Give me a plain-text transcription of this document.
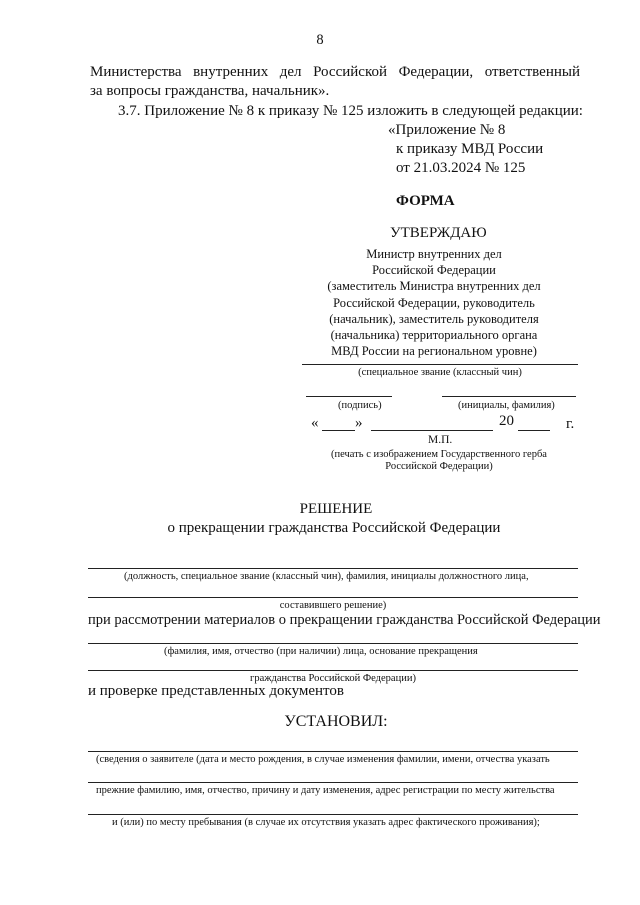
8
Министерства внутренних дел Российской Федерации, ответственный
за вопросы гражданства, начальник».
3.7. Приложение № 8 к приказу № 125 изложить в следующей редакции:
«Приложение № 8
к приказу МВД России
от 21.03.2024 № 125
ФОРМА
УТВЕРЖДАЮ
Министр внутренних дел
Российской Федерации
(заместитель Министра внутренних дел
Российской Федерации, руководитель
(начальник), заместитель руководителя
(начальника) территориального органа
МВД России на региональном уровне)
(специальное звание (классный чин)
(подпись)	(инициалы, фамилия)
« »	20	г.
М.П.
(печать с изображением Государственного герба
Российской Федерации)
РЕШЕНИЕ
о прекращении гражданства Российской Федерации
(должность, специальное звание (классный чин), фамилия, инициалы должностного лица,
составившего решение)
при рассмотрении материалов о прекращении гражданства Российской Федерации
(фамилия, имя, отчество (при наличии) лица, основание прекращения
гражданства Российской Федерации)
и проверке представленных документов
УСТАНОВИЛ:
(сведения о заявителе (дата и место рождения, в случае изменения фамилии, имени, отчества указать
прежние фамилию, имя, отчество, причину и дату изменения, адрес регистрации по месту жительства
и (или) по месту пребывания (в случае их отсутствия указать адрес фактического проживания);
